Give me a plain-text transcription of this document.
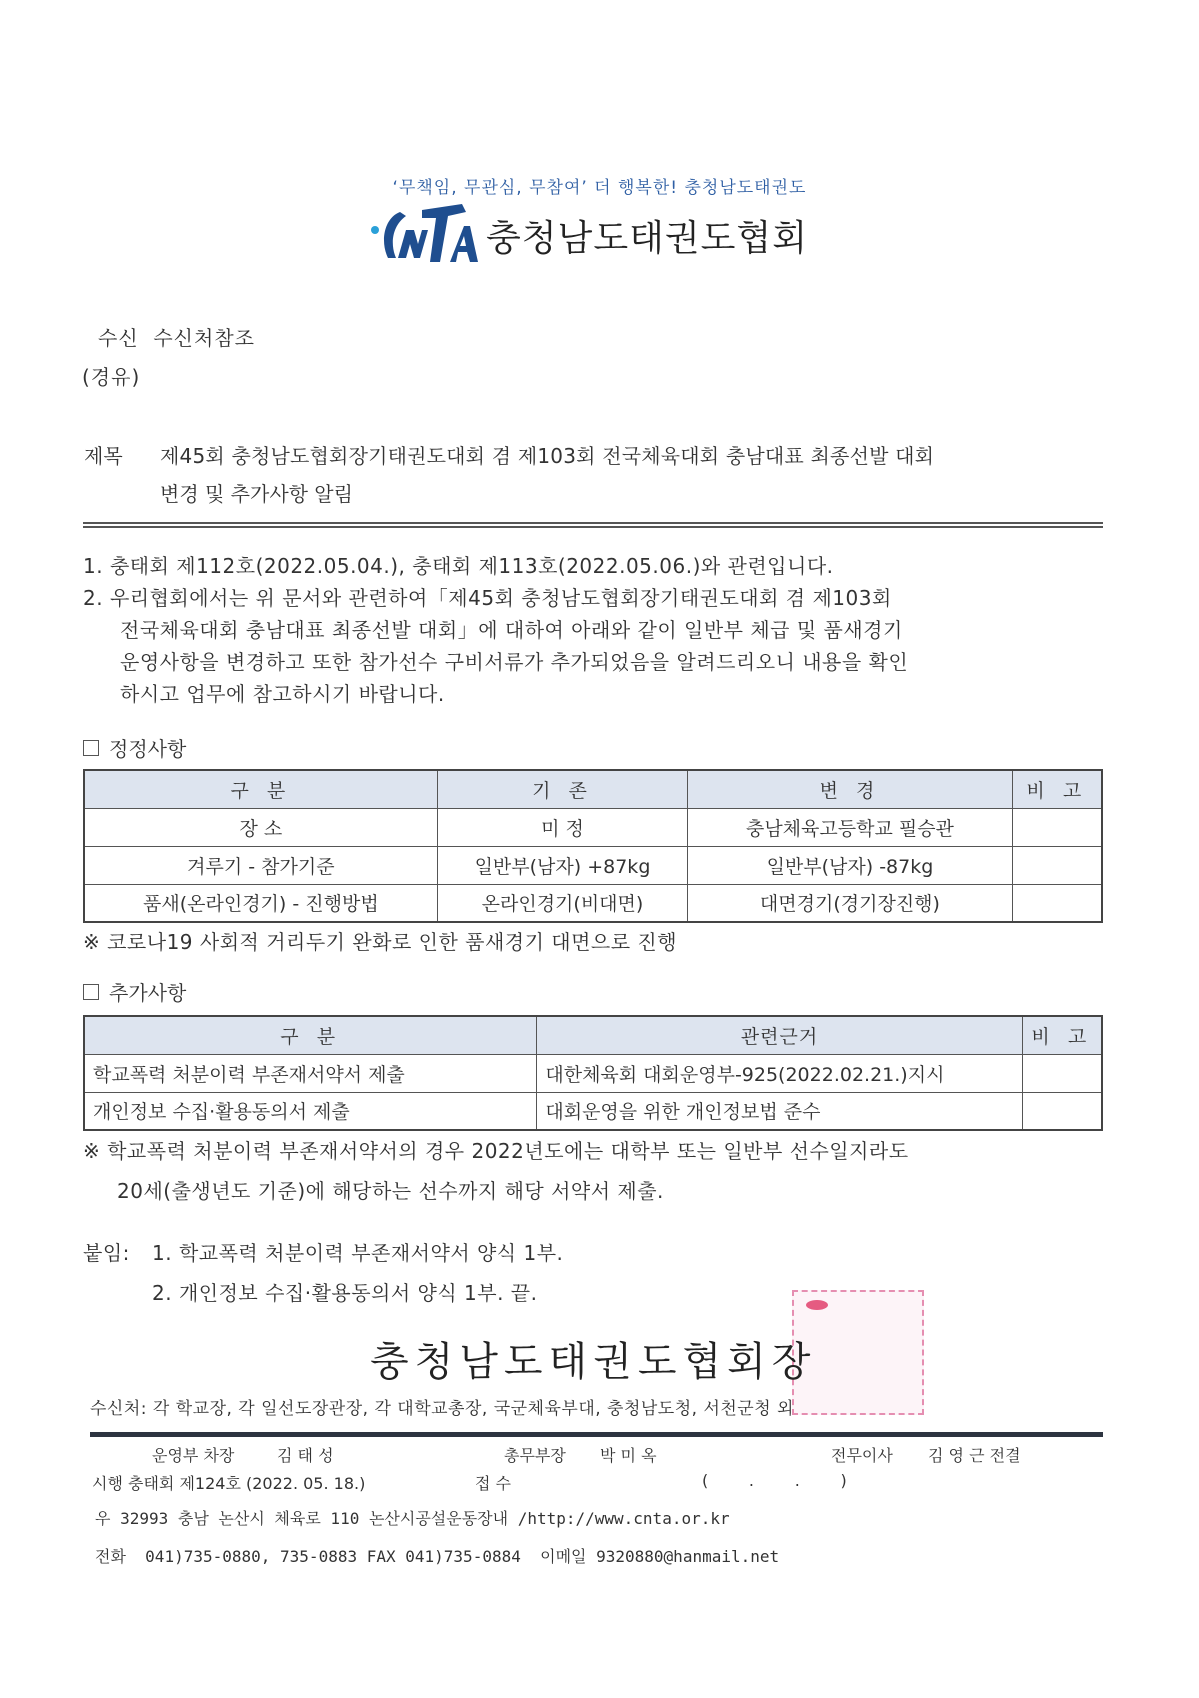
‘무책임, 무관심, 무참여’ 더 행복한! 충청남도태권도
충청남도태권도협회
수신 수신처참조
(경유)
제목 제45회 충청남도협회장기태권도대회 겸 제103회 전국체육대회 충남대표 최종선발 대회
변경 및 추가사항 알림
1. 충태회 제112호(2022.05.04.), 충태회 제113호(2022.05.06.)와 관련입니다.
2. 우리협회에서는 위 문서와 관련하여「제45회 충청남도협회장기태권도대회 겸 제103회
전국체육대회 충남대표 최종선발 대회」에 대하여 아래와 같이 일반부 체급 및 품새경기
운영사항을 변경하고 또한 참가선수 구비서류가 추가되었음을 알려드리오니 내용을 확인
하시고 업무에 참고하시기 바랍니다.
정정사항
구 분	기 존	변 경	비 고
장 소	미 정	충남체육고등학교 필승관	
겨루기 - 참가기준	일반부(남자) +87kg	일반부(남자) -87kg	
품새(온라인경기) - 진행방법	온라인경기(비대면)	대면경기(경기장진행)	
※ 코로나19 사회적 거리두기 완화로 인한 품새경기 대면으로 진행
추가사항
구 분	관련근거	비 고
학교폭력 처분이력 부존재서약서 제출	대한체육회 대회운영부-925(2022.02.21.)지시	
개인정보 수집·활용동의서 제출	대회운영을 위한 개인정보법 준수	
※ 학교폭력 처분이력 부존재서약서의 경우 2022년도에는 대학부 또는 일반부 선수일지라도
20세(출생년도 기준)에 해당하는 선수까지 해당 서약서 제출.
붙임: 1. 학교폭력 처분이력 부존재서약서 양식 1부.
2. 개인정보 수집·활용동의서 양식 1부. 끝.
충청남도태권도협회장
수신처: 각 학교장, 각 일선도장관장, 각 대학교총장, 국군체육부대, 충청남도청, 서천군청 외
운영부 차장	김 태 성	총무부장 박 미 옥	전무이사 김 영 근 전결
시행 충태회 제124호 (2022. 05. 18.)	접 수	(        .        .        )
우 32993 충남 논산시 체육로 110 논산시공설운동장내 /http://www.cnta.or.kr
전화  041)735-0880, 735-0883 FAX 041)735-0884  이메일 9320880@hanmail.net
